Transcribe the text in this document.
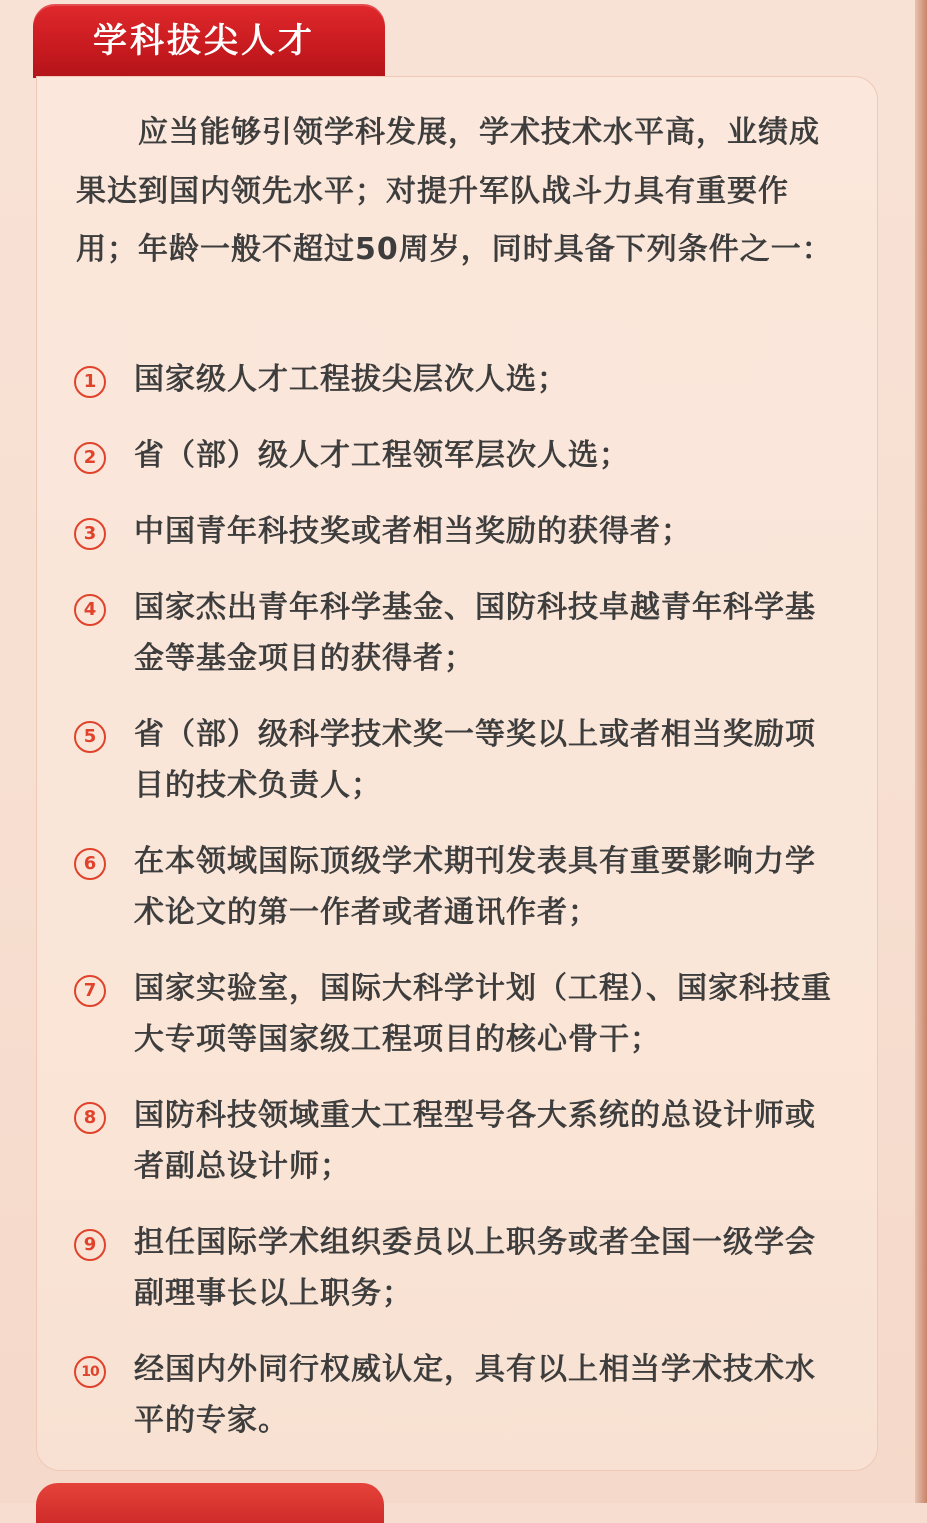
学科拔尖人才

应当能够引领学科发展，学术技术水平高，业绩成果达到国内领先水平；对提升军队战斗力具有重要作用；年龄一般不超过50周岁，同时具备下列条件之一：

1	国家级人才工程拔尖层次人选；
2	省（部）级人才工程领军层次人选；
3	中国青年科技奖或者相当奖励的获得者；
4	国家杰出青年科学基金、国防科技卓越青年科学基金等基金项目的获得者；
5	省（部）级科学技术奖一等奖以上或者相当奖励项目的技术负责人；
6	在本领域国际顶级学术期刊发表具有重要影响力学术论文的第一作者或者通讯作者；
7	国家实验室，国际大科学计划（工程）、国家科技重大专项等国家级工程项目的核心骨干；
8	国防科技领域重大工程型号各大系统的总设计师或者副总设计师；
9	担任国际学术组织委员以上职务或者全国一级学会副理事长以上职务；
10 经国内外同行权威认定，具有以上相当学术技术水平的专家。
